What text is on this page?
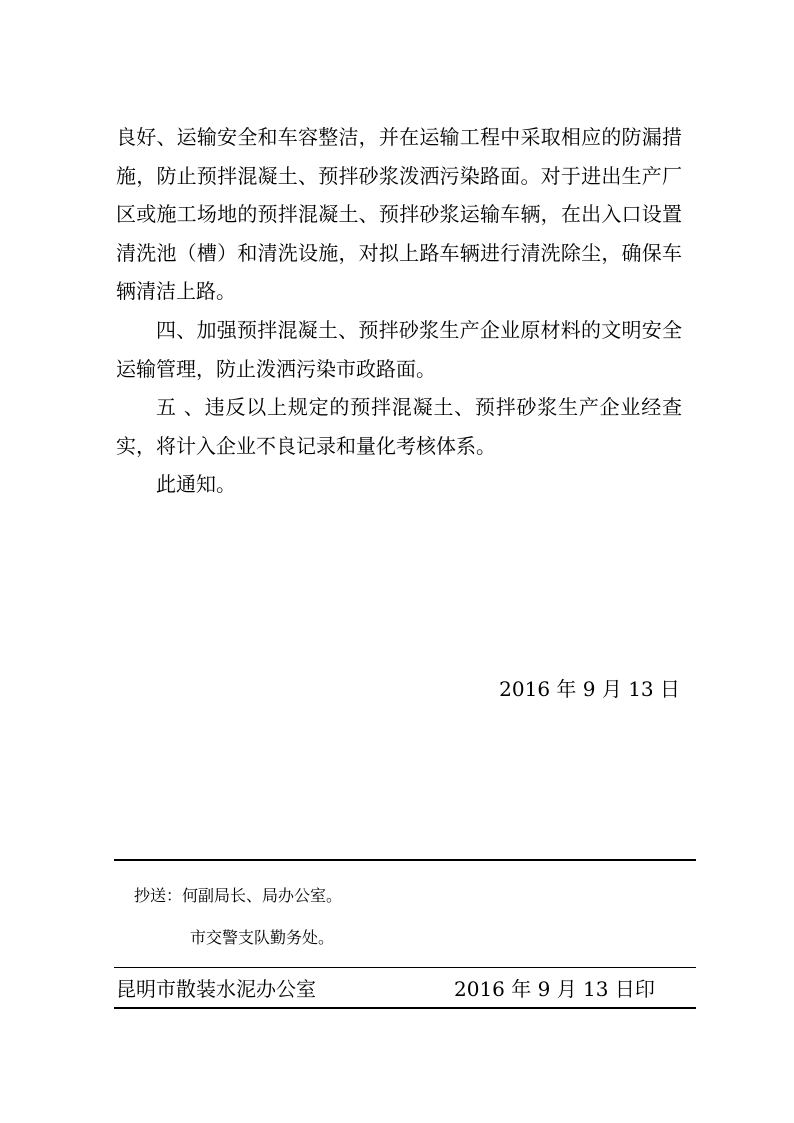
良好、运输安全和车容整洁，并在运输工程中采取相应的防漏措施，防止预拌混凝土、预拌砂浆泼洒污染路面。对于进出生产厂区或施工场地的预拌混凝土、预拌砂浆运输车辆，在出入口设置清洗池（槽）和清洗设施，对拟上路车辆进行清洗除尘，确保车辆清洁上路。

四、加强预拌混凝土、预拌砂浆生产企业原材料的文明安全运输管理，防止泼洒污染市政路面。

五 、违反以上规定的预拌混凝土、预拌砂浆生产企业经查实，将计入企业不良记录和量化考核体系。

此通知。

2016 年 9 月 13 日
抄送：何副局长、局办公室。
市交警支队勤务处。
昆明市散装水泥办公室	2016 年 9 月 13 日印
